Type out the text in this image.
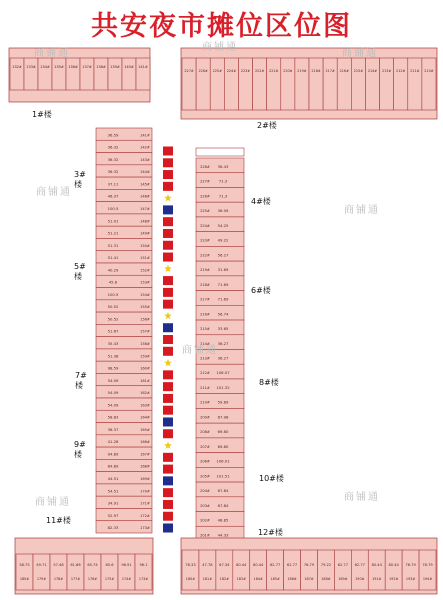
共安夜市摊位区位图
132# 133# 134# 135# 136# 137# 138# 139# 140# 141#
227# 226# 225# 224# 223# 222# 221# 220# 219# 218# 217# 216# 215# 214# 213# 212# 211# 210#
36.59	141#
36.32	142#
36.32	143#
36.32	144#
37.11	145#
46.37	146#
100.5	147#
51.01	148#
51.21	149#
51.31	150#
51.41	151#
40.29	152#
45.6	153#
100.5	154#
50.52	155#
50.52	156#
51.67	157#
35.43	158#
51.38	159#
98.59	160#
54.09	161#
54.09	162#
54.09	163#
58.83	164#
36.37	165#
41.28	166#
94.89	167#
84.89	168#
44.51	169#
54.51	170#
34.91	171#
52.97	172#
82.33	173#
228# 36.43
227# 71.3
226# 71.3
225# 36.09
224# 54.25
223# 49.22
222# 56.27
219# 31.69
218# 71.69
217# 71.69
216# 56.74
215# 33.65
214# 36.27
213# 36.27
212# 106.07
211# 101.32
210# 59.89
209# 67.98
208# 69.80
207# 69.80
206# 106.01
205# 101.51
204# 67.84
203# 67.84
202# 48.85
201# 44.33
58.75
180#
49.71
179#
57.48
178#
61.66
177#
65.74
176#
65.6
175#
96.91
174#
96.1
173#
78.33
180#
47.78
181#
67.34
182#
80.44
183#
80.44
184#
62.77
185#
62.77
186#
76.79
187#
79.22
188#
62.77
189#
62.77
190#
80.44
191#
80.44
192#
76.79
193#
76.79
194#
商铺通
商铺通
商铺通
商铺通
商铺通
商铺通
商铺通	商铺通
1#楼
2#楼
3#
楼
4#楼
5#
楼
6#楼
7#
楼	8#楼
9#
楼
10#楼
11#楼
12#楼
